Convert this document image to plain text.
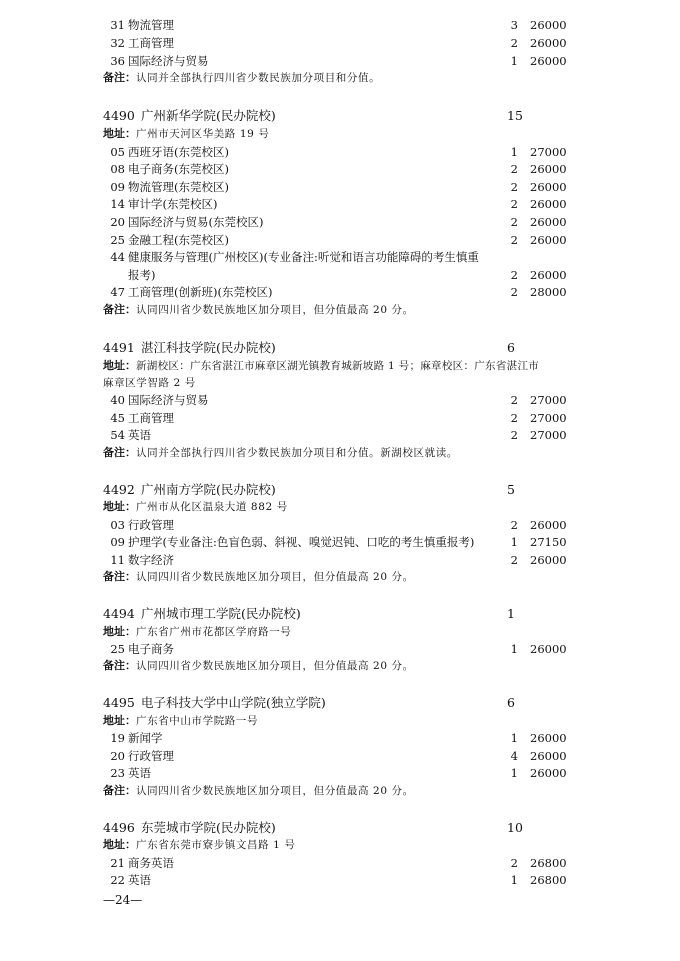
31 物流管理	3 26000
32 工商管理	2 26000
36 国际经济与贸易	1 26000
备注：认同并全部执行四川省少数民族加分项目和分值。
4490 广州新华学院(民办院校)	15
地址：广州市天河区华美路 19 号
05 西班牙语(东莞校区)	1 27000
08 电子商务(东莞校区)	2 26000
09 物流管理(东莞校区)	2 26000
14 审计学(东莞校区)	2 26000
20 国际经济与贸易(东莞校区)	2 26000
25 金融工程(东莞校区)	2 26000
44 健康服务与管理(广州校区)(专业备注:听觉和语言功能障碍的考生慎重
报考)	2 26000
47 工商管理(创新班)(东莞校区)	2 28000
备注：认同四川省少数民族地区加分项目，但分值最高 20 分。
4491 湛江科技学院(民办院校)	6
地址：新湖校区：广东省湛江市麻章区湖光镇教育城新坡路 1 号；麻章校区：广东省湛江市
麻章区学智路 2 号
40 国际经济与贸易	2 27000
45 工商管理	2 27000
54 英语	2 27000
备注：认同并全部执行四川省少数民族加分项目和分值。新湖校区就读。
4492 广州南方学院(民办院校)	5
地址：广州市从化区温泉大道 882 号
03 行政管理	2 26000
09 护理学(专业备注:色盲色弱、斜视、嗅觉迟钝、口吃的考生慎重报考)	1 27150
11 数字经济	2 26000
备注：认同四川省少数民族地区加分项目，但分值最高 20 分。
4494 广州城市理工学院(民办院校)	1
地址：广东省广州市花都区学府路一号
25 电子商务	1 26000
备注：认同四川省少数民族地区加分项目，但分值最高 20 分。
4495 电子科技大学中山学院(独立学院)	6
地址：广东省中山市学院路一号
19 新闻学	1 26000
20 行政管理	4 26000
23 英语	1 26000
备注：认同四川省少数民族地区加分项目，但分值最高 20 分。
4496 东莞城市学院(民办院校)	10
地址：广东省东莞市寮步镇文昌路 1 号
21 商务英语	2 26800
22 英语	1 26800
—24—
